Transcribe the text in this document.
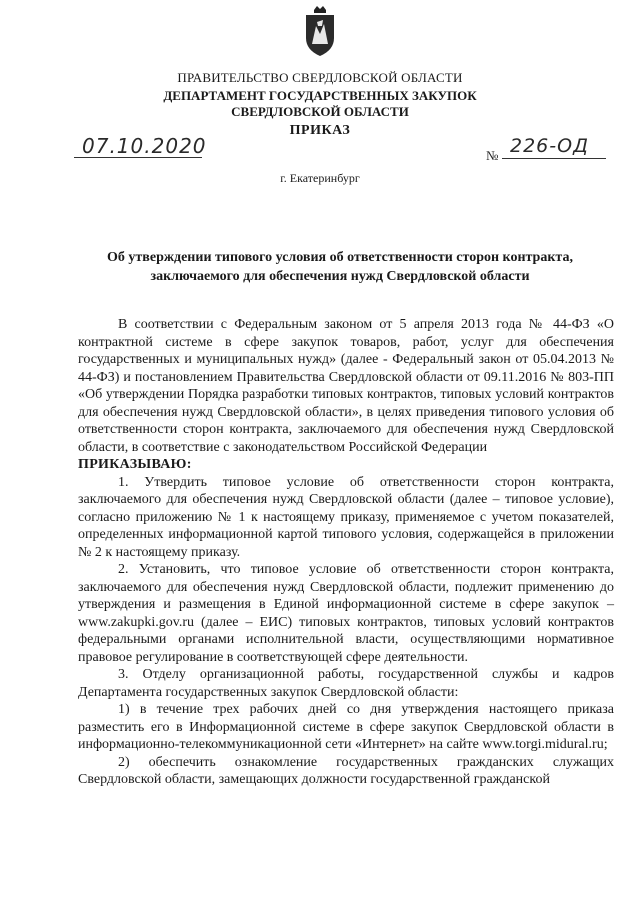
ПРАВИТЕЛЬСТВО СВЕРДЛОВСКОЙ ОБЛАСТИ
ДЕПАРТАМЕНТ ГОСУДАРСТВЕННЫХ ЗАКУПОК
СВЕРДЛОВСКОЙ ОБЛАСТИ
ПРИКАЗ
07.10.2020	№ 226-ОД
г. Екатеринбург
Об утверждении типового условия об ответственности сторон контракта,
заключаемого для обеспечения нужд Свердловской области

В соответствии с Федеральным законом от 5 апреля 2013 года № 44-ФЗ «О контрактной системе в сфере закупок товаров, работ, услуг для обеспечения государственных и муниципальных нужд» (далее - Федеральный закон от 05.04.2013 № 44-ФЗ) и постановлением Правительства Свердловской области от 09.11.2016 № 803-ПП «Об утверждении Порядка разработки типовых контрактов, типовых условий контрактов для обеспечения нужд Свердловской области», в целях приведения типового условия об ответственности сторон контракта, заключаемого для обеспечения нужд Свердловской области, в соответствие с законодательством Российской Федерации

ПРИКАЗЫВАЮ:

1. Утвердить типовое условие об ответственности сторон контракта, заключаемого для обеспечения нужд Свердловской области (далее – типовое условие), согласно приложению № 1 к настоящему приказу, применяемое с учетом показателей, определенных информационной картой типового условия, содержащейся в приложении № 2 к настоящему приказу.

2. Установить, что типовое условие об ответственности сторон контракта, заключаемого для обеспечения нужд Свердловской области, подлежит применению до утверждения и размещения в Единой информационной системе в сфере закупок – www.zakupki.gov.ru (далее – ЕИС) типовых контрактов, типовых условий контрактов федеральными органами исполнительной власти, осуществляющими нормативное правовое регулирование в соответствующей сфере деятельности.

3. Отделу организационной работы, государственной службы и кадров Департамента государственных закупок Свердловской области:

1) в течение трех рабочих дней со дня утверждения настоящего приказа разместить его в Информационной системе в сфере закупок Свердловской области в информационно-телекоммуникационной сети «Интернет» на сайте www.torgi.midural.ru;

2) обеспечить ознакомление государственных гражданских служащих Свердловской области, замещающих должности государственной гражданской
